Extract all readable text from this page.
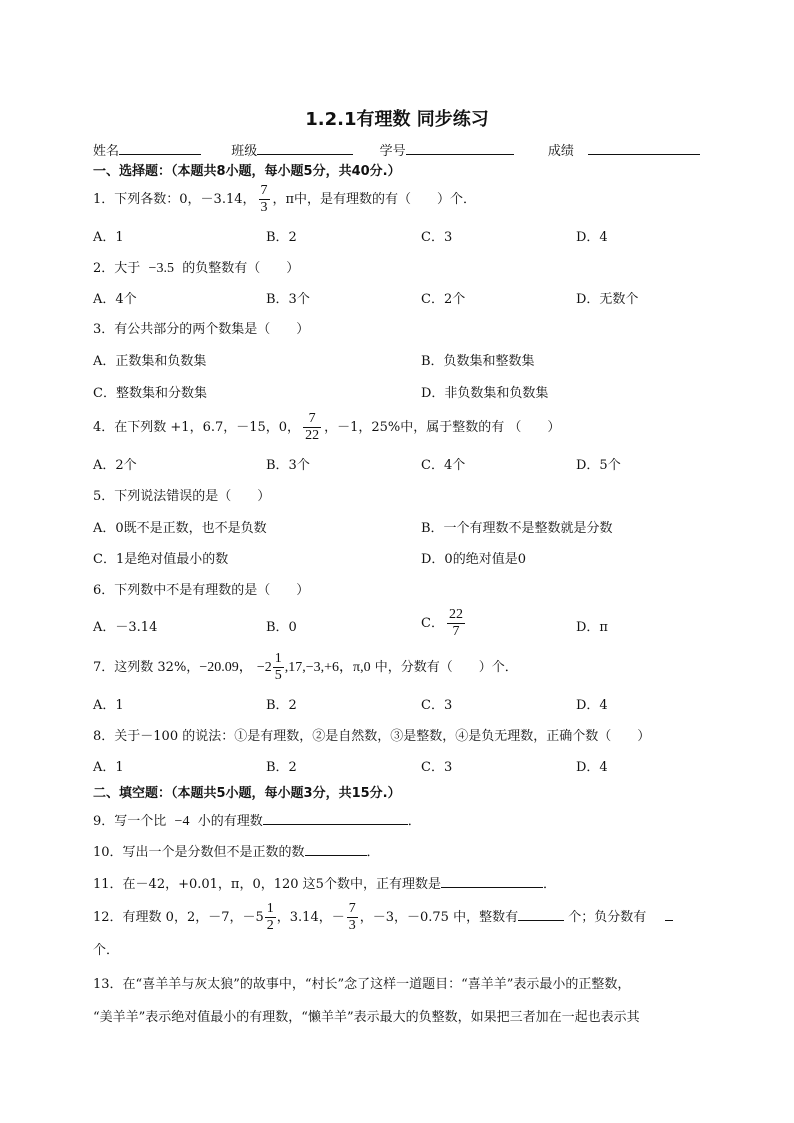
1.2.1有理数 同步练习
姓名	班级	学号	成绩
一、选择题：（本题共8小题，每小题5分，共40分.）
1．下列各数：0，－3.14， $\frac{7}{3}$ ，π中，是有理数的有（　　）个．
A．1	B．2	C．3	D．4
2．大于 −3.5 的负整数有（　　）
A．4个	B．3个	C．2个	D．无数个
3．有公共部分的两个数集是（　　）
A．正数集和负数集	B．负数集和整数集
C．整数集和分数集	D．非负数集和负数集
4．在下列数 +1，6.7，－15，0， $\frac{7}{22}$ ，－1，25%中，属于整数的有 （　　）
A．2个	B．3个	C．4个	D．5个
5．下列说法错误的是（　　）
A．0既不是正数，也不是负数	B．一个有理数不是整数就是分数
C．1是绝对值最小的数	D．0的绝对值是0
6．下列数中不是有理数的是（　　）
A．－3.14	B．0	C． $\frac{22}{7}$	D．π
7．这列数 32%，−20.09， $-2 \frac{1}{5} ,17,-3,+6$，π,0 中，分数有（　　）个．
A．1	B．2	C．3	D．4
8．关于－100 的说法：①是有理数，②是自然数，③是整数，④是负无理数，正确个数（　　）
A．1	B．2	C．3	D．4
二、填空题：（本题共5小题，每小题3分，共15分.）
9．写一个比 −4 小的有理数	．
10．写出一个是分数但不是正数的数	．
11．在－42，+0.01，π，0，120 这5个数中，正有理数是	．
12．有理数 0，2，－7，$-5 \frac{1}{2}$ ，3.14，－ $\frac{7}{3}$ ，－3，－0.75 中，整数有	个；负分数有
个．
13．在“喜羊羊与灰太狼”的故事中，“村长”念了这样一道题目：“喜羊羊”表示最小的正整数，
“美羊羊”表示绝对值最小的有理数，“懒羊羊”表示最大的负整数，如果把三者加在一起也表示其
